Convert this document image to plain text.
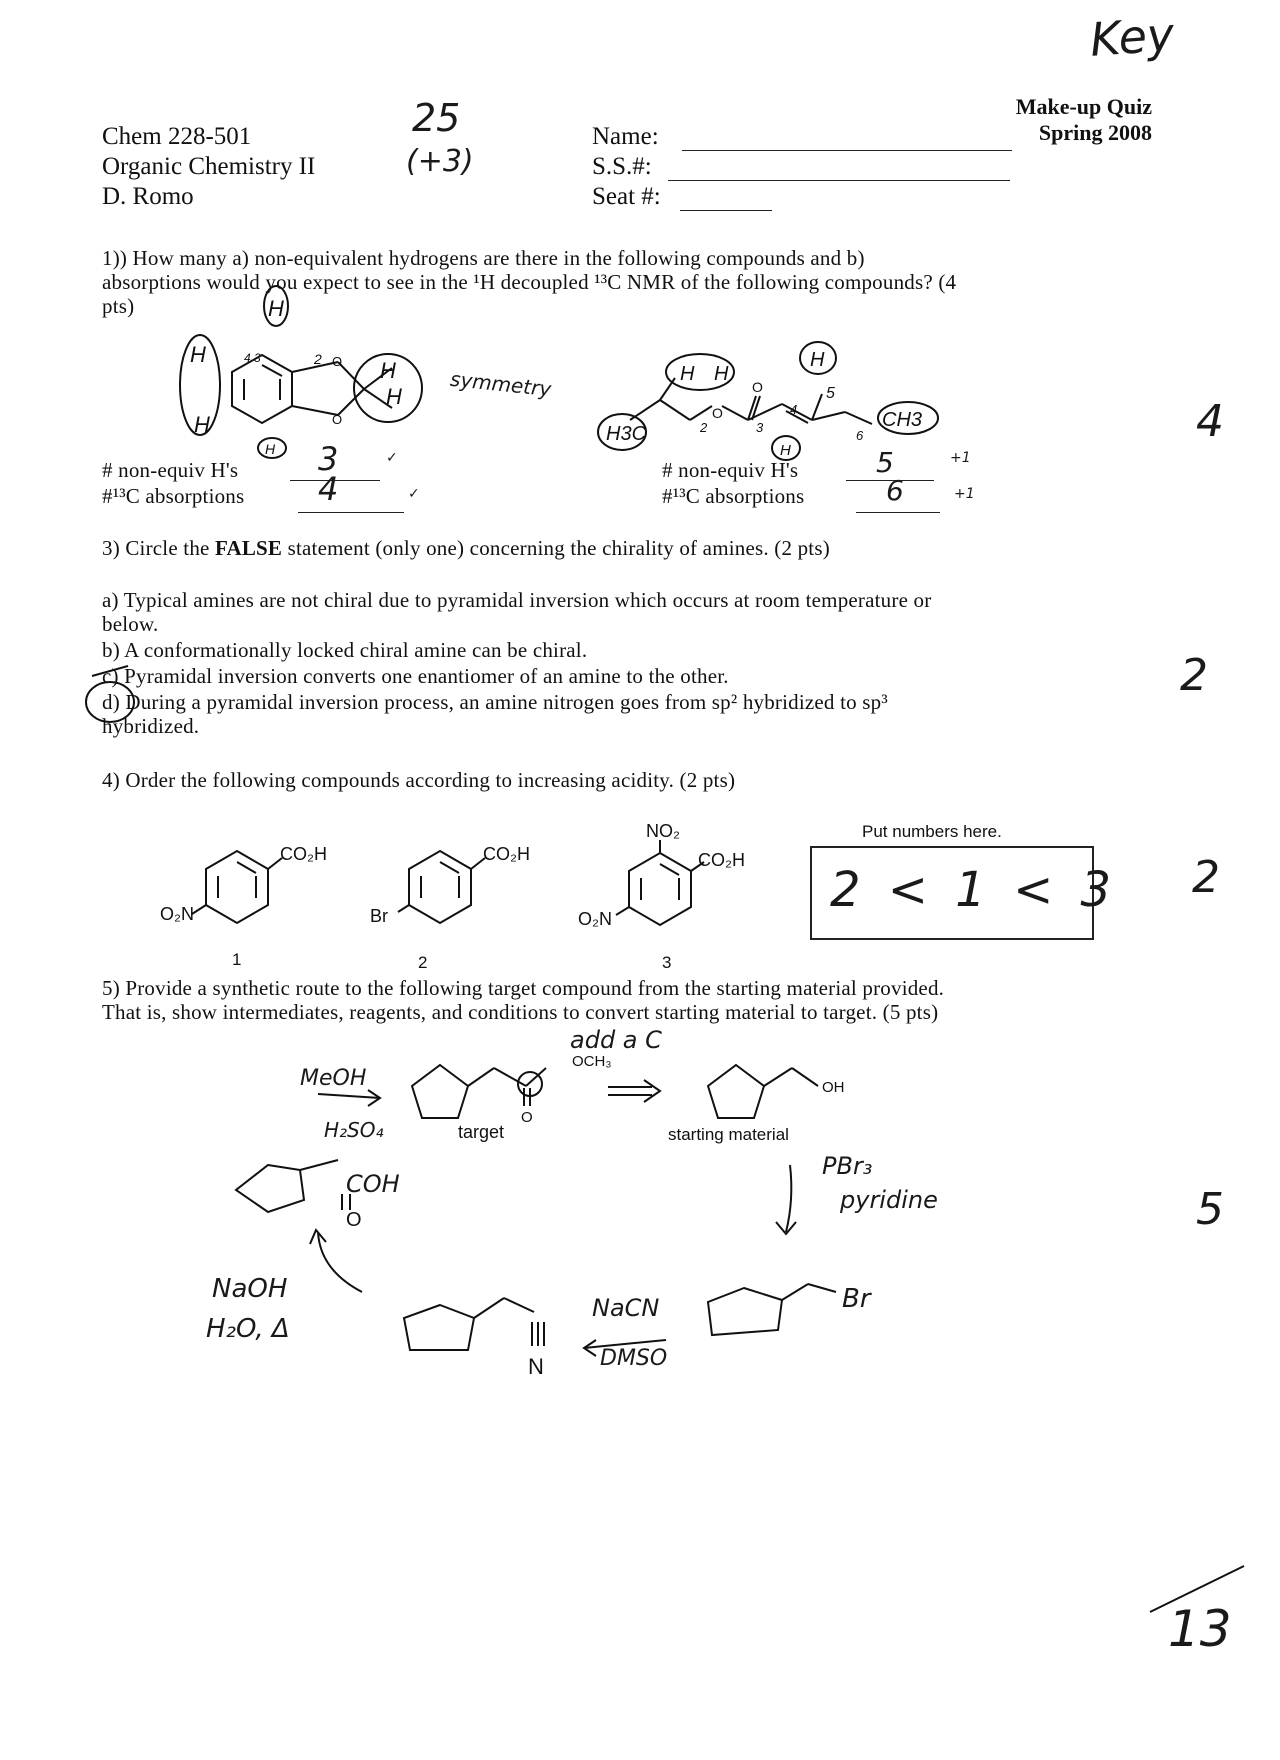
Key
Chem 228-501
Organic Chemistry II
D. Romo
25
(+3)
Name:
S.S.#:
Seat #:
Make-up Quiz
Spring 2008
1)) How many a) non-equivalent hydrogens are there in the following compounds and b)
absorptions would you expect to see in the ¹H decoupled ¹³C NMR of the following compounds? (4
pts)
O
O
H
H
H
H
H
H
2
4 3
O
O
H3C
H H
H
H
CH3
5
4
2	3
6
symmetry
# non-equiv H's 3	✓
#¹³C absorptions 4	✓
# non-equiv H's	5	+1
#¹³C absorptions	6	+1
4
3) Circle the FALSE statement (only one) concerning the chirality of amines. (2 pts)
a) Typical amines are not chiral due to pyramidal inversion which occurs at room temperature or
below.
b) A conformationally locked chiral amine can be chiral.
c) Pyramidal inversion converts one enantiomer of an amine to the other.
d) During a pyramidal inversion process, an amine nitrogen goes from sp² hybridized to sp³
hybridized.
2
4) Order the following compounds according to increasing acidity. (2 pts)
CO₂H
O₂N
1
CO₂H
Br
2
NO₂
CO₂H
O₂N
3
Put numbers here.
2 < 1 < 3 2
5) Provide a synthetic route to the following target compound from the starting material provided.
That is, show intermediates, reagents, and conditions to convert starting material to target. (5 pts)
add a C
OCH₃
O
target
OH
starting material
O
N
MeOH
H₂SO₄
COH
PBr₃
pyridine
Br
NaCN
DMSO
NaOH
H₂O, Δ
5
13
